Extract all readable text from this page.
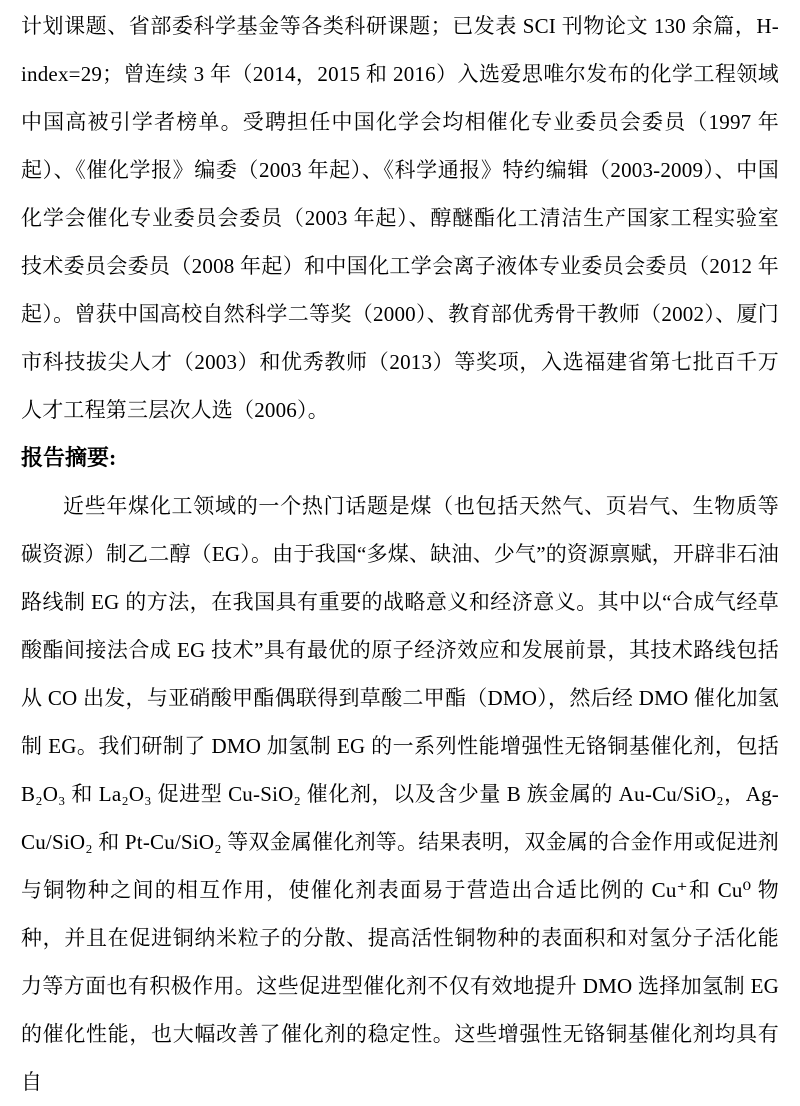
计划课题、省部委科学基金等各类科研课题；已发表 SCI 刊物论文 130 余篇，H-index=29；曾连续 3 年（2014，2015 和 2016）入选爱思唯尔发布的化学工程领域中国高被引学者榜单。受聘担任中国化学会均相催化专业委员会委员（1997 年起）、《催化学报》编委（2003 年起）、《科学通报》特约编辑（2003-2009）、中国化学会催化专业委员会委员（2003 年起）、醇醚酯化工清洁生产国家工程实验室技术委员会委员（2008 年起）和中国化工学会离子液体专业委员会委员（2012 年起）。曾获中国高校自然科学二等奖（2000）、教育部优秀骨干教师（2002）、厦门市科技拔尖人才（2003）和优秀教师（2013）等奖项，入选福建省第七批百千万人才工程第三层次人选（2006）。

报告摘要:

近些年煤化工领域的一个热门话题是煤（也包括天然气、页岩气、生物质等碳资源）制乙二醇（EG）。由于我国“多煤、缺油、少气”的资源禀赋，开辟非石油路线制 EG 的方法，在我国具有重要的战略意义和经济意义。其中以“合成气经草酸酯间接法合成 EG 技术”具有最优的原子经济效应和发展前景，其技术路线包括从 CO 出发，与亚硝酸甲酯偶联得到草酸二甲酯（DMO），然后经 DMO 催化加氢制 EG。我们研制了 DMO 加氢制 EG 的一系列性能增强性无铬铜基催化剂，包括 B₂O₃ 和 La₂O₃ 促进型 Cu-SiO₂ 催化剂，以及含少量 B 族金属的 Au-Cu/SiO₂，Ag-Cu/SiO₂ 和 Pt-Cu/SiO₂ 等双金属催化剂等。结果表明，双金属的合金作用或促进剂与铜物种之间的相互作用，使催化剂表面易于营造出合适比例的 Cu⁺和 Cu⁰ 物种，并且在促进铜纳米粒子的分散、提高活性铜物种的表面积和对氢分子活化能力等方面也有积极作用。这些促进型催化剂不仅有效地提升 DMO 选择加氢制 EG 的催化性能，也大幅改善了催化剂的稳定性。这些增强性无铬铜基催化剂均具有自
